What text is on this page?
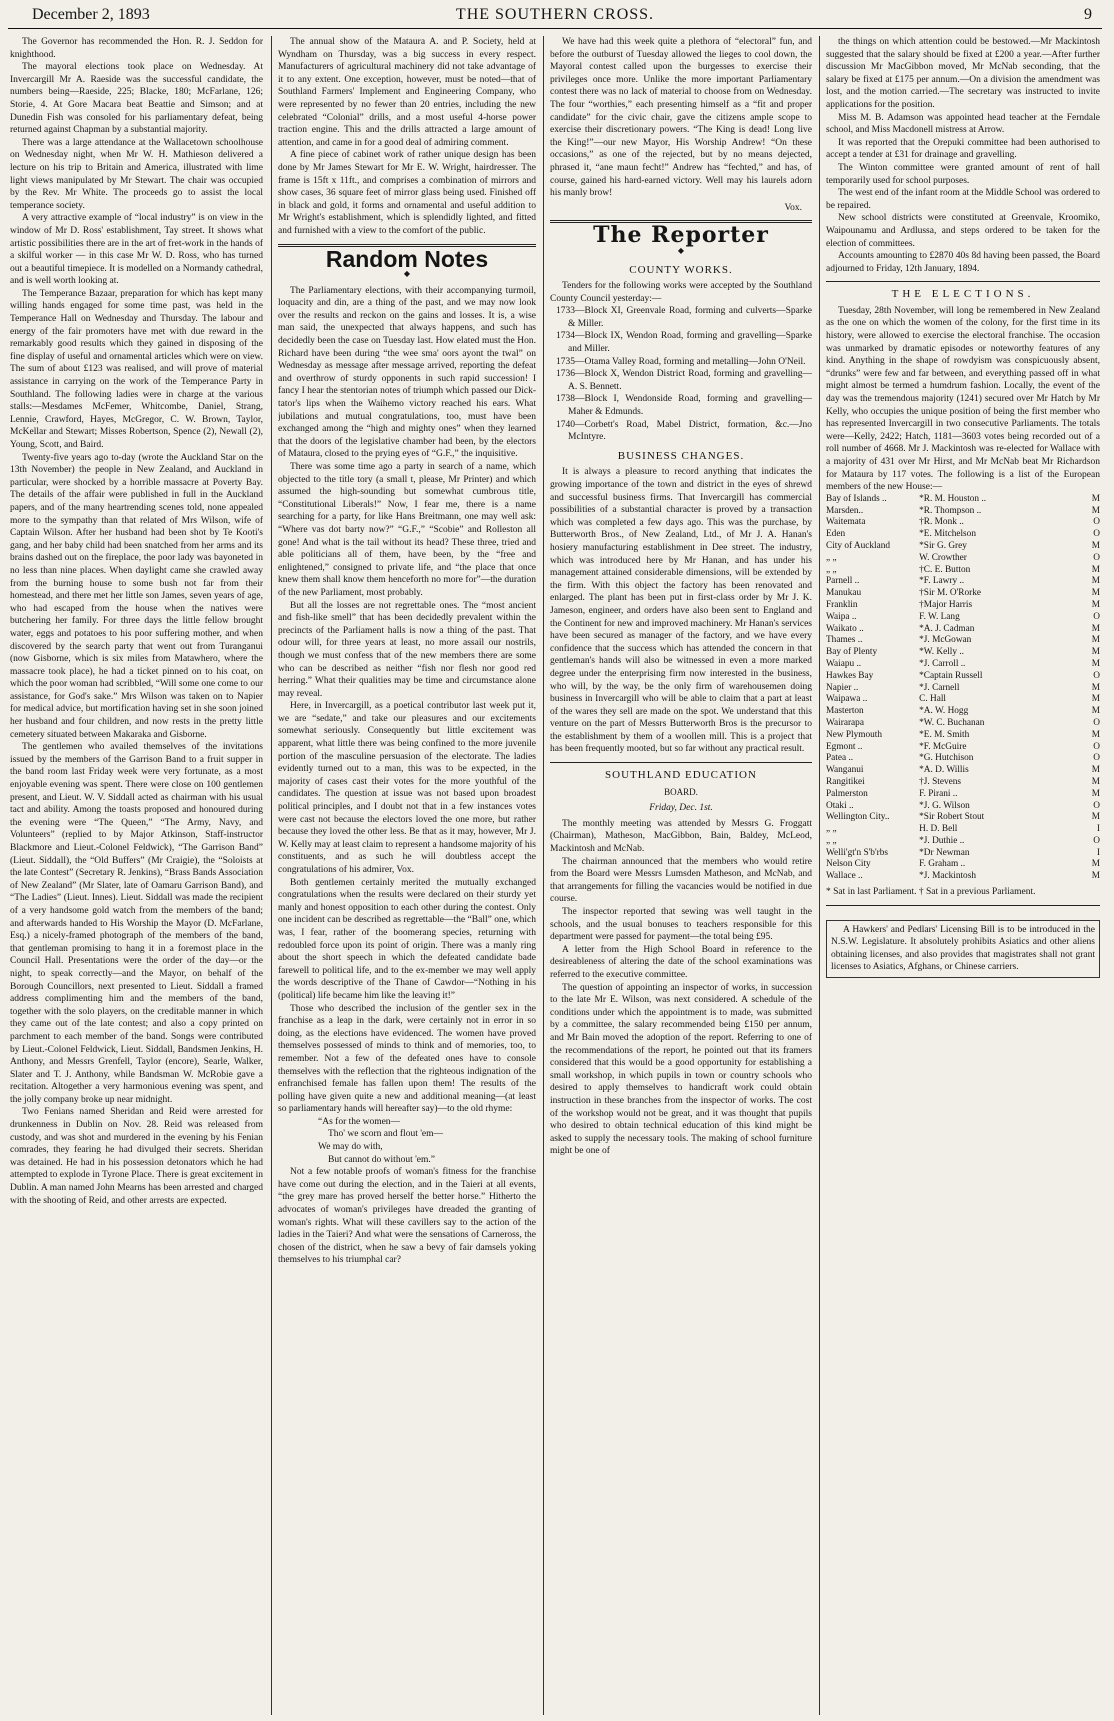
December 2, 1893	THE SOUTHERN CROSS.	9

The Governor has recommended the Hon. R. J. Seddon for knighthood.

The mayoral elections took place on Wednesday. At Invercargill Mr A. Raeside was the successful candidate, the numbers being—Raeside, 225; Blacke, 180; McFarlane, 126; Storie, 4. At Gore Macara beat Beattie and Simson; and at Dunedin Fish was consoled for his parliamentary defeat, being returned against Chapman by a substantial majority.

There was a large attendance at the Wallacetown schoolhouse on Wednesday night, when Mr W. H. Mathieson delivered a lecture on his trip to Britain and America, illustrated with lime light views manipulated by Mr Stewart. The chair was occupied by the Rev. Mr White. The proceeds go to assist the local temperance society.

A very attractive example of “local industry” is on view in the window of Mr D. Ross' establishment, Tay street. It shows what artistic possibilities there are in the art of fret-work in the hands of a skilful worker — in this case Mr W. D. Ross, who has turned out a beautiful timepiece. It is modelled on a Normandy cathedral, and is well worth looking at.

The Temperance Bazaar, preparation for which has kept many willing hands engaged for some time past, was held in the Temperance Hall on Wednesday and Thursday. The labour and energy of the fair promoters have met with due reward in the remarkably good results which they gained in disposing of the fine display of useful and ornamental articles which were on view. The sum of about £123 was realised, and will prove of material assistance in carrying on the work of the Temperance Party in Southland. The following ladies were in charge at the various stalls:—Mesdames McFemer, Whitcombe, Daniel, Strang, Lennie, Crawford, Hayes, McGregor, C. W. Brown, Taylor, McKellar and Stewart; Misses Robertson, Spence (2), Newall (2), Young, Scott, and Baird.

Twenty-five years ago to-day (wrote the Auckland Star on the 13th November) the people in New Zealand, and Auckland in particular, were shocked by a horrible massacre at Poverty Bay. The details of the affair were published in full in the Auckland papers, and of the many heartrending scenes told, none appealed more to the sympathy than that related of Mrs Wilson, wife of Captain Wilson. After her husband had been shot by Te Kooti's gang, and her baby child had been snatched from her arms and its brains dashed out on the fireplace, the poor lady was bayoneted in no less than nine places. When daylight came she crawled away from the burning house to some bush not far from their homestead, and there met her little son James, seven years of age, who had escaped from the house when the natives were butchering her family. For three days the little fellow brought water, eggs and potatoes to his poor suffering mother, and when discovered by the search party that went out from Turanganui (now Gisborne, which is six miles from Matawhero, where the massacre took place), he had a ticket pinned on to his coat, on which the poor woman had scribbled, “Will some one come to our assistance, for God's sake.” Mrs Wilson was taken on to Napier for medical advice, but mortification having set in she soon joined her husband and four children, and now rests in the pretty little cemetery situated between Makaraka and Gisborne.

The gentlemen who availed themselves of the invitations issued by the members of the Garrison Band to a fruit supper in the band room last Friday week were very fortunate, as a most enjoyable evening was spent. There were close on 100 gentlemen present, and Lieut. W. V. Siddall acted as chairman with his usual tact and ability. Among the toasts proposed and honoured during the evening were “The Queen,” “The Army, Navy, and Volunteers” (replied to by Major Atkinson, Staff-instructor Blackmore and Lieut.-Colonel Feldwick), “The Garrison Band” (Lieut. Siddall), the “Old Buffers” (Mr Craigie), the “Soloists at the late Contest” (Secretary R. Jenkins), “Brass Bands Association of New Zealand” (Mr Slater, late of Oamaru Garrison Band), and “The Ladies” (Lieut. Innes). Lieut. Siddall was made the recipient of a very handsome gold watch from the members of the band; and afterwards handed to His Worship the Mayor (D. McFarlane, Esq.) a nicely-framed photograph of the members of the band, that gentleman promising to hang it in a foremost place in the Council Hall. Presentations were the order of the day—or the night, to speak correctly—and the Mayor, on behalf of the Borough Councillors, next presented to Lieut. Siddall a framed address complimenting him and the members of the band, together with the solo players, on the creditable manner in which they came out of the late contest; and also a copy printed on parchment to each member of the band. Songs were contributed by Lieut.-Colonel Feldwick, Lieut. Siddall, Bandsmen Jenkins, H. Anthony, and Messrs Grenfell, Taylor (encore), Searle, Walker, Slater and T. J. Anthony, while Bandsman W. McRobie gave a recitation. Altogether a very harmonious evening was spent, and the jolly company broke up near midnight.

Two Fenians named Sheridan and Reid were arrested for drunkenness in Dublin on Nov. 28. Reid was released from custody, and was shot and murdered in the evening by his Fenian comrades, they fearing he had divulged their secrets. Sheridan was detained. He had in his possession detonators which he had attempted to explode in Tyrone Place. There is great excitement in Dublin. A man named John Mearns has been arrested and charged with the shooting of Reid, and other arrests are expected.

The annual show of the Mataura A. and P. Society, held at Wyndham on Thursday, was a big success in every respect. Manufacturers of agricultural machinery did not take advantage of it to any extent. One exception, however, must be noted—that of Southland Farmers' Implement and Engineering Company, who were represented by no fewer than 20 entries, including the new celebrated “Colonial” drills, and a most useful 4-horse power traction engine. This and the drills attracted a large amount of attention, and came in for a good deal of admiring comment.

A fine piece of cabinet work of rather unique design has been done by Mr James Stewart for Mr E. W. Wright, hairdresser. The frame is 15ft x 11ft., and comprises a combination of mirrors and show cases, 36 square feet of mirror glass being used. Finished off in black and gold, it forms and ornamental and useful addition to Mr Wright's establishment, which is splendidly lighted, and fitted and furnished with a view to the comfort of the public.

Random Notes
◆

The Parliamentary elections, with their accompanying turmoil, loquacity and din, are a thing of the past, and we may now look over the results and reckon on the gains and losses. It is, a wise man said, the unexpected that always happens, and such has decidedly been the case on Tuesday last. How elated must the Hon. Richard have been during “the wee sma' oors ayont the twal” on Wednesday as message after message arrived, reporting the defeat and overthrow of sturdy opponents in such rapid succession! I fancy I hear the stentorian notes of triumph which passed our Dick-tator's lips when the Waihemo victory reached his ears. What jubilations and mutual congratulations, too, must have been exchanged among the “high and mighty ones” when they learned that the doors of the legislative chamber had been, by the electors of Mataura, closed to the prying eyes of “G.F.,” the inquisitive.

There was some time ago a party in search of a name, which objected to the title tory (a small t, please, Mr Printer) and which assumed the high-sounding but somewhat cumbrous title, “Constitutional Liberals!” Now, I fear me, there is a name searching for a party, for like Hans Breitmann, one may well ask: “Where vas dot barty now?” “G.F.,” “Scobie” and Rolleston all gone! And what is the tail without its head? These three, tried and able politicians all of them, have been, by the “free and enlightened,” consigned to private life, and “the place that once knew them shall know them henceforth no more for”—the duration of the new Parliament, most probably.

But all the losses are not regrettable ones. The “most ancient and fish-like smell” that has been decidedly prevalent within the precincts of the Parliament halls is now a thing of the past. That odour will, for three years at least, no more assail our nostrils, though we must confess that of the new members there are some who can be described as neither “fish nor flesh nor good red herring.” What their qualities may be time and circumstance alone may reveal.

Here, in Invercargill, as a poetical contributor last week put it, we are “sedate,” and take our pleasures and our excitements somewhat seriously. Consequently but little excitement was apparent, what little there was being confined to the more juvenile portion of the masculine persuasion of the electorate. The ladies evidently turned out to a man, this was to be expected, in the majority of cases cast their votes for the more youthful of the candidates. The question at issue was not based upon broadest political principles, and I doubt not that in a few instances votes were cast not because the electors loved the one more, but rather because they loved the other less. Be that as it may, however, Mr J. W. Kelly may at least claim to represent a handsome majority of his constituents, and as such he will doubtless accept the congratulations of his admirer, Vox.

Both gentlemen certainly merited the mutually exchanged congratulations when the results were declared on their sturdy yet manly and honest opposition to each other during the contest. Only one incident can be described as regrettable—the “Ball” one, which was, I fear, rather of the boomerang species, returning with redoubled force upon its point of origin. There was a manly ring about the short speech in which the defeated candidate bade farewell to political life, and to the ex-member we may well apply the words descriptive of the Thane of Cawdor—“Nothing in his (political) life became him like the leaving it!”

Those who described the inclusion of the gentler sex in the franchise as a leap in the dark, were certainly not in error in so doing, as the elections have evidenced. The women have proved themselves possessed of minds to think and of memories, too, to remember. Not a few of the defeated ones have to console themselves with the reflection that the righteous indignation of the enfranchised female has fallen upon them! The results of the polling have given quite a new and additional meaning—(at least so parliamentary hands will hereafter say)—to the old rhyme:

“As for the women—
Tho' we scorn and flout 'em—
We may do with,
But cannot do without 'em.”

Not a few notable proofs of woman's fitness for the franchise have come out during the election, and in the Taieri at all events, “the grey mare has proved herself the better horse.” Hitherto the advocates of woman's privileges have dreaded the granting of woman's rights. What will these cavillers say to the action of the ladies in the Taieri? And what were the sensations of Carneross, the chosen of the district, when he saw a bevy of fair damsels yoking themselves to his triumphal car?

We have had this week quite a plethora of “electoral” fun, and before the outburst of Tuesday allowed the lieges to cool down, the Mayoral contest called upon the burgesses to exercise their privileges once more. Unlike the more important Parliamentary contest there was no lack of material to choose from on Wednesday. The four “worthies,” each presenting himself as a “fit and proper candidate” for the civic chair, gave the citizens ample scope to exercise their discretionary powers. “The King is dead! Long live the King!”—our new Mayor, His Worship Andrew! “On these occasions,” as one of the rejected, but by no means dejected, phrased it, “ane maun fecht!” Andrew has “fechted,” and has, of course, gained his hard-earned victory. Well may his laurels adorn his manly brow!

Vox.
The Reporter
◆
COUNTY WORKS.

Tenders for the following works were accepted by the Southland County Council yesterday:—

1733—Block XI, Greenvale Road, forming and culverts—Sparke & Miller.
1734—Block IX, Wendon Road, forming and gravelling—Sparke and Miller.
1735—Otama Valley Road, forming and metalling—John O'Neil.
1736—Block X, Wendon District Road, forming and gravelling—A. S. Bennett.
1738—Block I, Wendonside Road, forming and gravelling—Maher & Edmunds.
1740—Corbett's Road, Mabel District, formation, &c.—Jno McIntyre.
BUSINESS CHANGES.

It is always a pleasure to record anything that indicates the growing importance of the town and district in the eyes of shrewd and successful business firms. That Invercargill has commercial possibilities of a substantial character is proved by a transaction which was completed a few days ago. This was the purchase, by Butterworth Bros., of New Zealand, Ltd., of Mr J. A. Hanan's hosiery manufacturing establishment in Dee street. The industry, which was introduced here by Mr Hanan, and has under his management attained considerable dimensions, will be extended by the firm. With this object the factory has been renovated and enlarged. The plant has been put in first-class order by Mr J. K. Jameson, engineer, and orders have also been sent to England and the Continent for new and improved machinery. Mr Hanan's services have been secured as manager of the factory, and we have every confidence that the success which has attended the concern in that gentleman's hands will also be witnessed in even a more marked degree under the enterprising firm now interested in the business, who will, by the way, be the only firm of warehousemen doing business in Invercargill who will be able to claim that a part at least of the wares they sell are made on the spot. We understand that this venture on the part of Messrs Butterworth Bros is the precursor to the establishment by them of a woollen mill. This is a project that has been frequently mooted, but so far without any practical result.

SOUTHLAND EDUCATION
BOARD.
Friday, Dec. 1st.

The monthly meeting was attended by Messrs G. Froggatt (Chairman), Matheson, MacGibbon, Bain, Baldey, McLeod, Mackintosh and McNab.

The chairman announced that the members who would retire from the Board were Messrs Lumsden Matheson, and McNab, and that arrangements for filling the vacancies would be notified in due course.

The inspector reported that sewing was well taught in the schools, and the usual bonuses to teachers responsible for this department were passed for payment—the total being £95.

A letter from the High School Board in reference to the desireableness of altering the date of the school examinations was referred to the executive committee.

The question of appointing an inspector of works, in succession to the late Mr E. Wilson, was next considered. A schedule of the conditions under which the appointment is to made, was submitted by a committee, the salary recommended being £150 per annum, and Mr Bain moved the adoption of the report. Referring to one of the recommendations of the report, he pointed out that its framers considered that this would be a good opportunity for establishing a small workshop, in which pupils in town or country schools who desired to apply themselves to handicraft work could obtain instruction in these branches from the inspector of works. The cost of the workshop would not be great, and it was thought that pupils who desired to obtain technical education of this kind might be asked to supply the necessary tools. The making of school furniture might be one of

the things on which attention could be bestowed.—Mr Mackintosh suggested that the salary should be fixed at £200 a year.—After further discussion Mr MacGibbon moved, Mr McNab seconding, that the salary be fixed at £175 per annum.—On a division the amendment was lost, and the motion carried.—The secretary was instructed to invite applications for the position.

Miss M. B. Adamson was appointed head teacher at the Ferndale school, and Miss Macdonell mistress at Arrow.

It was reported that the Orepuki committee had been authorised to accept a tender at £31 for drainage and gravelling.

The Winton committee were granted amount of rent of hall temporarily used for school purposes.

The west end of the infant room at the Middle School was ordered to be repaired.

New school districts were constituted at Greenvale, Kroomiko, Waipounamu and Ardlussa, and steps ordered to be taken for the election of committees.

Accounts amounting to £2870 40s 8d having been passed, the Board adjourned to Friday, 12th January, 1894.

THE ELECTIONS.

Tuesday, 28th November, will long be remembered in New Zealand as the one on which the women of the colony, for the first time in its history, were allowed to exercise the electoral franchise. The occasion was unmarked by dramatic episodes or noteworthy features of any kind. Anything in the shape of rowdyism was conspicuously absent, “drunks” were few and far between, and everything passed off in what might almost be termed a humdrum fashion. Locally, the event of the day was the tremendous majority (1241) secured over Mr Hatch by Mr Kelly, who occupies the unique position of being the first member who has represented Invercargill in two consecutive Parliaments. The totals were—Kelly, 2422; Hatch, 1181—3603 votes being recorded out of a roll number of 4668. Mr J. Mackintosh was re-elected for Wallace with a majority of 431 over Mr Hirst, and Mr McNab beat Mr Richardson for Mataura by 117 votes. The following is a list of the European members of the new House:—

Bay of Islands ..	*R. M. Houston ..	M
Marsden..	*R. Thompson ..	M
Waitemata	†R. Monk ..	O
Eden	*E. Mitchelson	O
City of Auckland	*Sir G. Grey	M
„ „	W. Crowther	O
„ „	†C. E. Button	M
Parnell ..	*F. Lawry ..	M
Manukau	†Sir M. O'Rorke	M
Franklin	†Major Harris	M
Waipa ..	F. W. Lang	O
Waikato ..	*A. J. Cadman	M
Thames ..	*J. McGowan	M
Bay of Plenty	*W. Kelly ..	M
Waiapu ..	*J. Carroll ..	M
Hawkes Bay	*Captain Russell	O
Napier ..	*J. Carnell	M
Waipawa ..	C. Hall	M
Masterton	*A. W. Hogg	M
Wairarapa	*W. C. Buchanan	O
New Plymouth	*E. M. Smith	M
Egmont ..	*F. McGuire	O
Patea ..	*G. Hutchison	O
Wanganui	*A. D. Willis	M
Rangitikei	†J. Stevens	M
Palmerston	F. Pirani ..	M
Otaki ..	*J. G. Wilson	O
Wellington City..	*Sir Robert Stout	M
„ „	H. D. Bell	I
„ „	*J. Duthie ..	O
Welli'gt'n S'b'rbs	*Dr Newman	I
Nelson City	F. Graham ..	M
Wallace ..	*J. Mackintosh	M

* Sat in last Parliament. † Sat in a previous Parliament.

A Hawkers' and Pedlars' Licensing Bill is to be introduced in the N.S.W. Legislature. It absolutely prohibits Asiatics and other aliens obtaining licenses, and also provides that magistrates shall not grant licenses to Asiatics, Afghans, or Chinese carriers.
